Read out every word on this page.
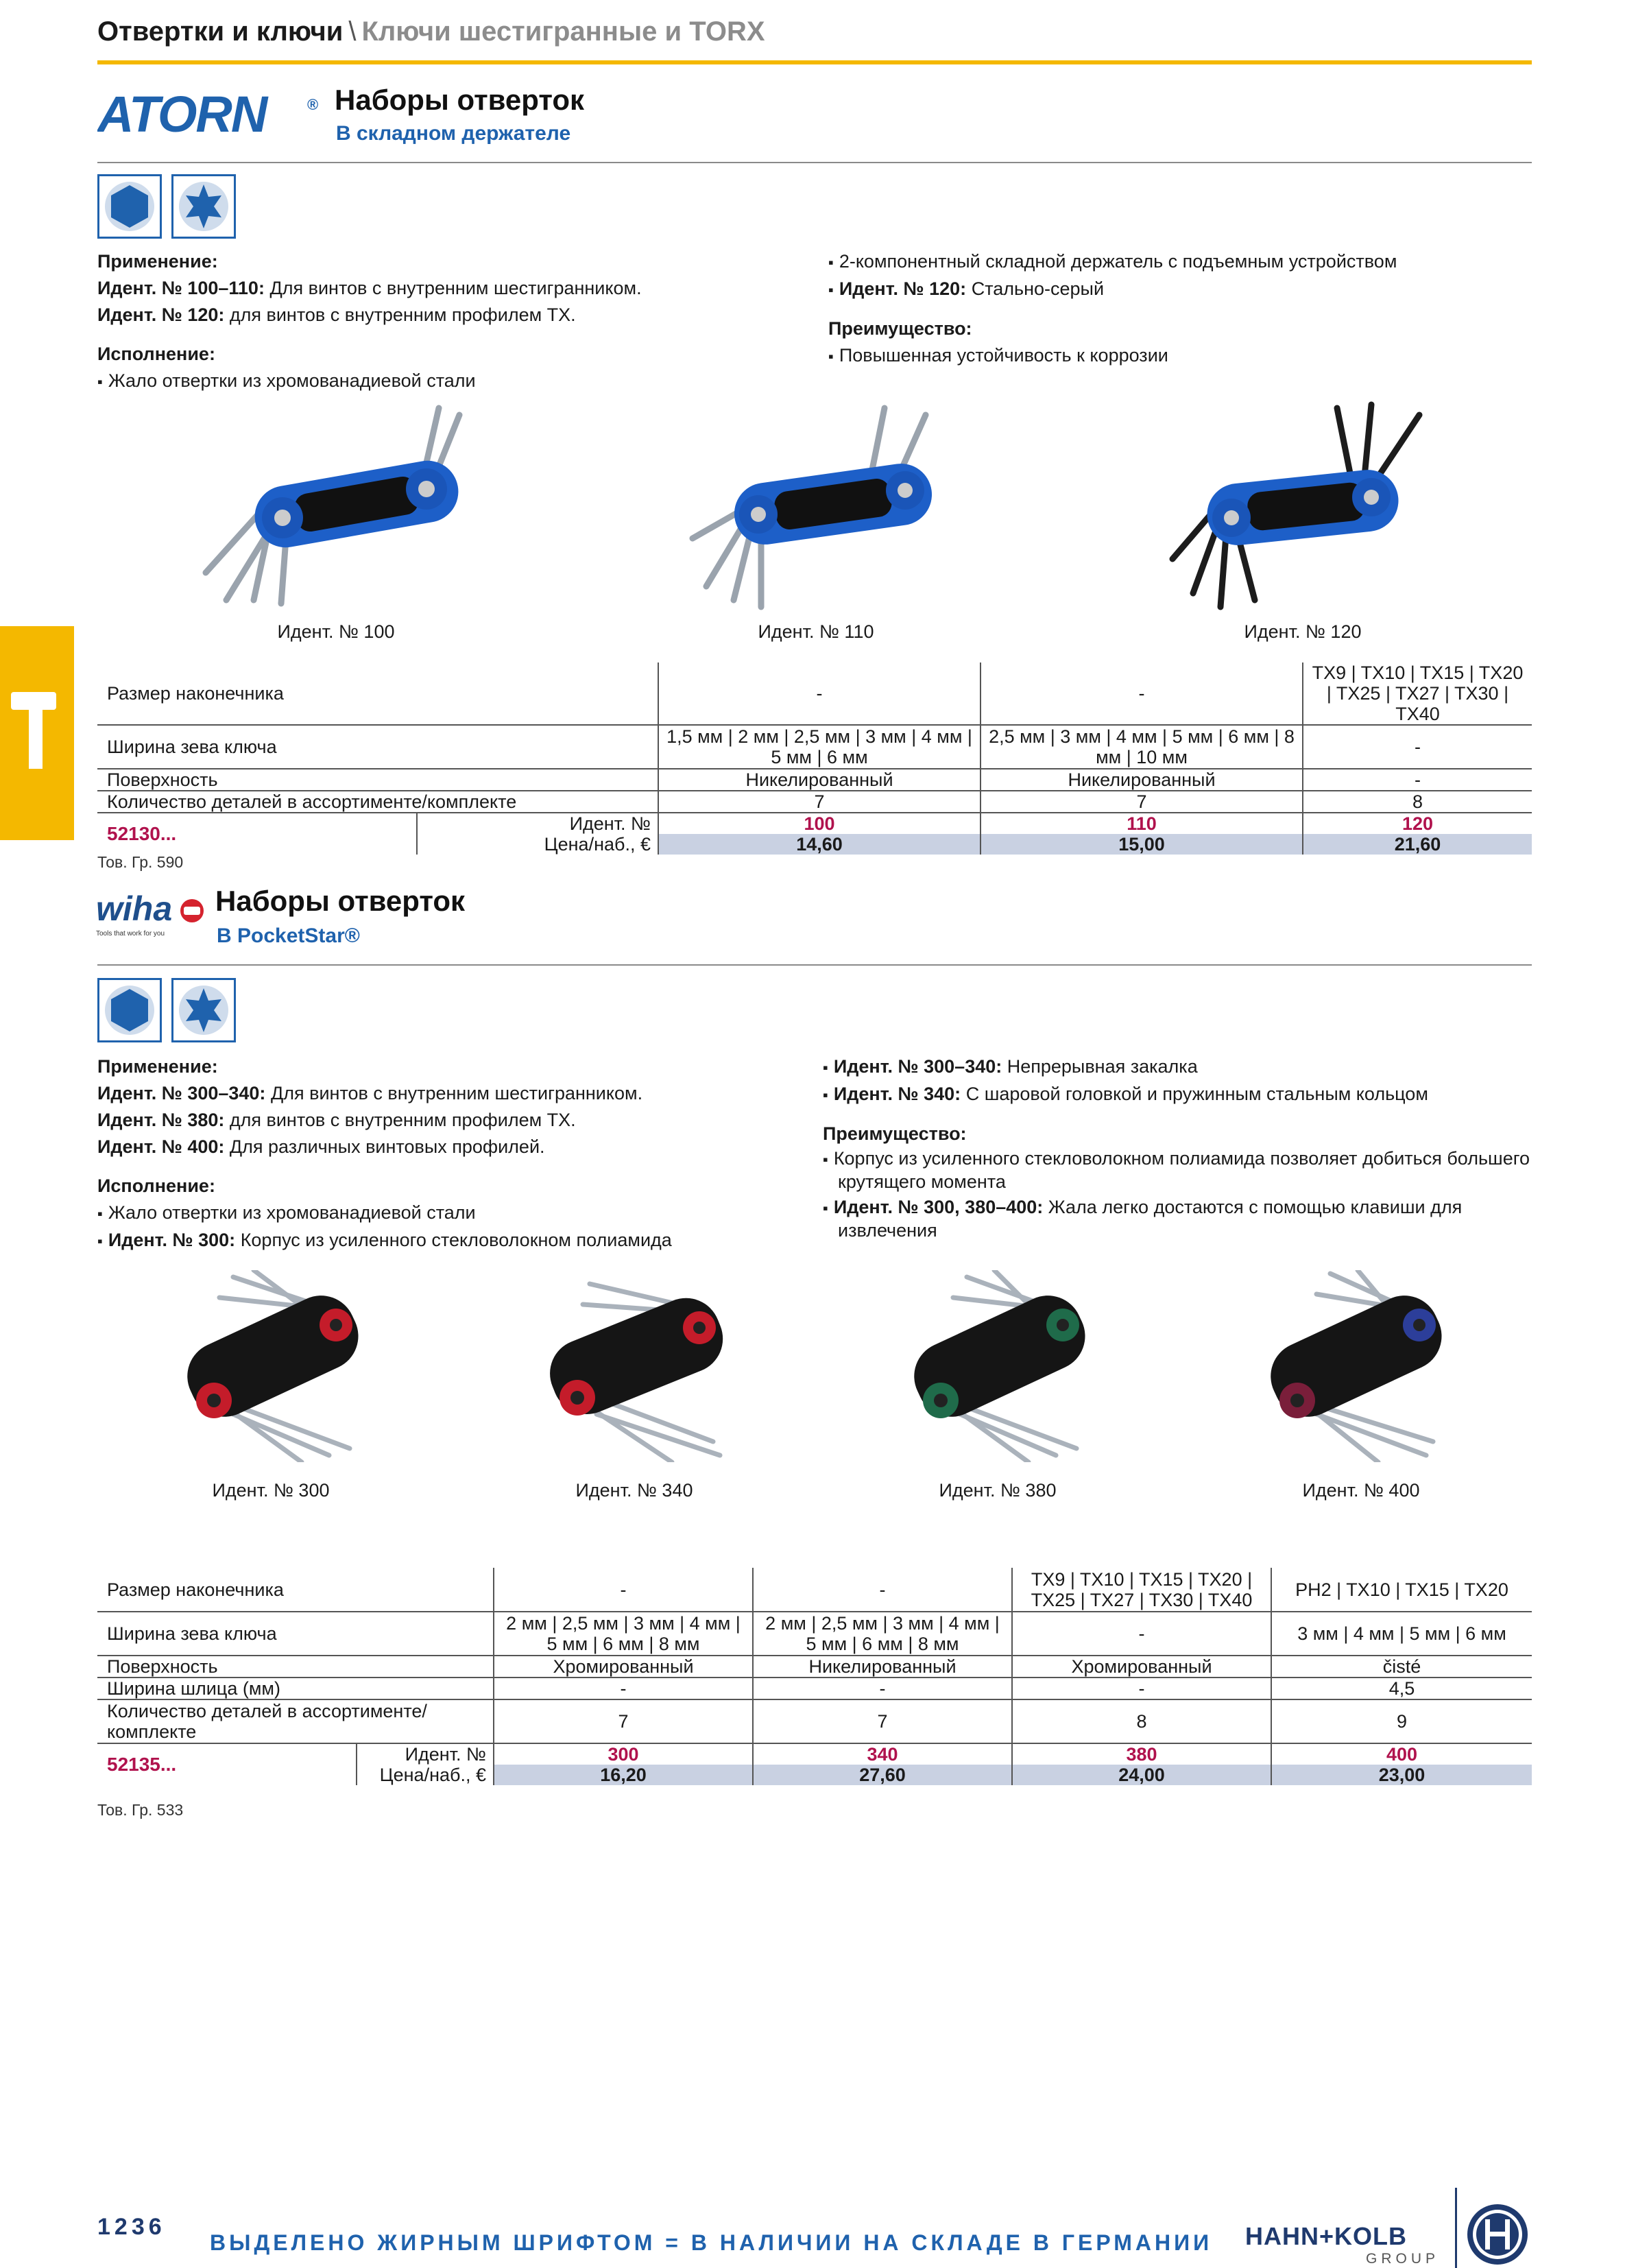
Отвертки и ключи \ Ключи шестигранные и TORX
ATORN	® Наборы отверток
В складном держателе

Применение:

Идент. № 100–110: Для винтов с внутренним шестигранником.

Идент. № 120: для винтов с внутренним профилем TX.

Исполнение:

▪ Жало отвертки из хромованадиевой стали

▪ 2-компонентный складной держатель с подъемным устройством

▪ Идент. № 120: Стально-серый

Преимущество:

▪ Повышенная устойчивость к коррозии

Идент. № 100	Идент. № 110	Идент. № 120
Размер наконечника		-	-	TX9 | TX10 | TX15 | TX20 | TX25 | TX27 | TX30 | TX40
Ширина зева ключа		1,5 мм | 2 мм | 2,5 мм | 3 мм | 4 мм | 5 мм | 6 мм	2,5 мм | 3 мм | 4 мм | 5 мм | 6 мм | 8 мм | 10 мм	-
Поверхность		Никелированный	Никелированный	-
Количество деталей в ассортименте/комплекте		7	7	8
52130...	Идент. №	100	110	120
	Цена/наб., €	14,60	15,00	21,60
Тов. Гр. 590
wiha
Tools that work for you
Наборы отверток
В PocketStar®

Применение:

Идент. № 300–340: Для винтов с внутренним шестигранником.

Идент. № 380: для винтов с внутренним профилем TX.

Идент. № 400: Для различных винтовых профилей.

Исполнение:

▪ Жало отвертки из хромованадиевой стали

▪ Идент. № 300: Корпус из усиленного стекловолокном полиамида

▪ Идент. № 300–340: Непрерывная закалка

▪ Идент. № 340: С шаровой головкой и пружинным стальным кольцом

Преимущество:

▪ Корпус из усиленного стекловолокном полиамида позволяет добиться большего крутящего момента

▪ Идент. № 300, 380–400: Жала легко достаются с помощью клавиши для извлечения

Идент. № 300	Идент. № 340	Идент. № 380	Идент. № 400
Размер наконечника		-	-	TX9 | TX10 | TX15 | TX20 | TX25 | TX27 | TX30 | TX40	PH2 | TX10 | TX15 | TX20
Ширина зева ключа		2 мм | 2,5 мм | 3 мм | 4 мм | 5 мм | 6 мм | 8 мм	2 мм | 2,5 мм | 3 мм | 4 мм | 5 мм | 6 мм | 8 мм	-	3 мм | 4 мм | 5 мм | 6 мм
Поверхность		Хромированный	Никелированный	Хромированный	čisté
Ширина шлица (мм)		-	-	-	4,5
Количество деталей в ассортименте/ комплекте		7	7	8	9
52135...	Идент. №	300	340	380	400
	Цена/наб., €	16,20	27,60	24,00	23,00
Тов. Гр. 533
1236
ВЫДЕЛЕНО ЖИРНЫМ ШРИФТОМ = В НАЛИЧИИ НА СКЛАДЕ В ГЕРМАНИИ HAHN+KOLB
GROUP
